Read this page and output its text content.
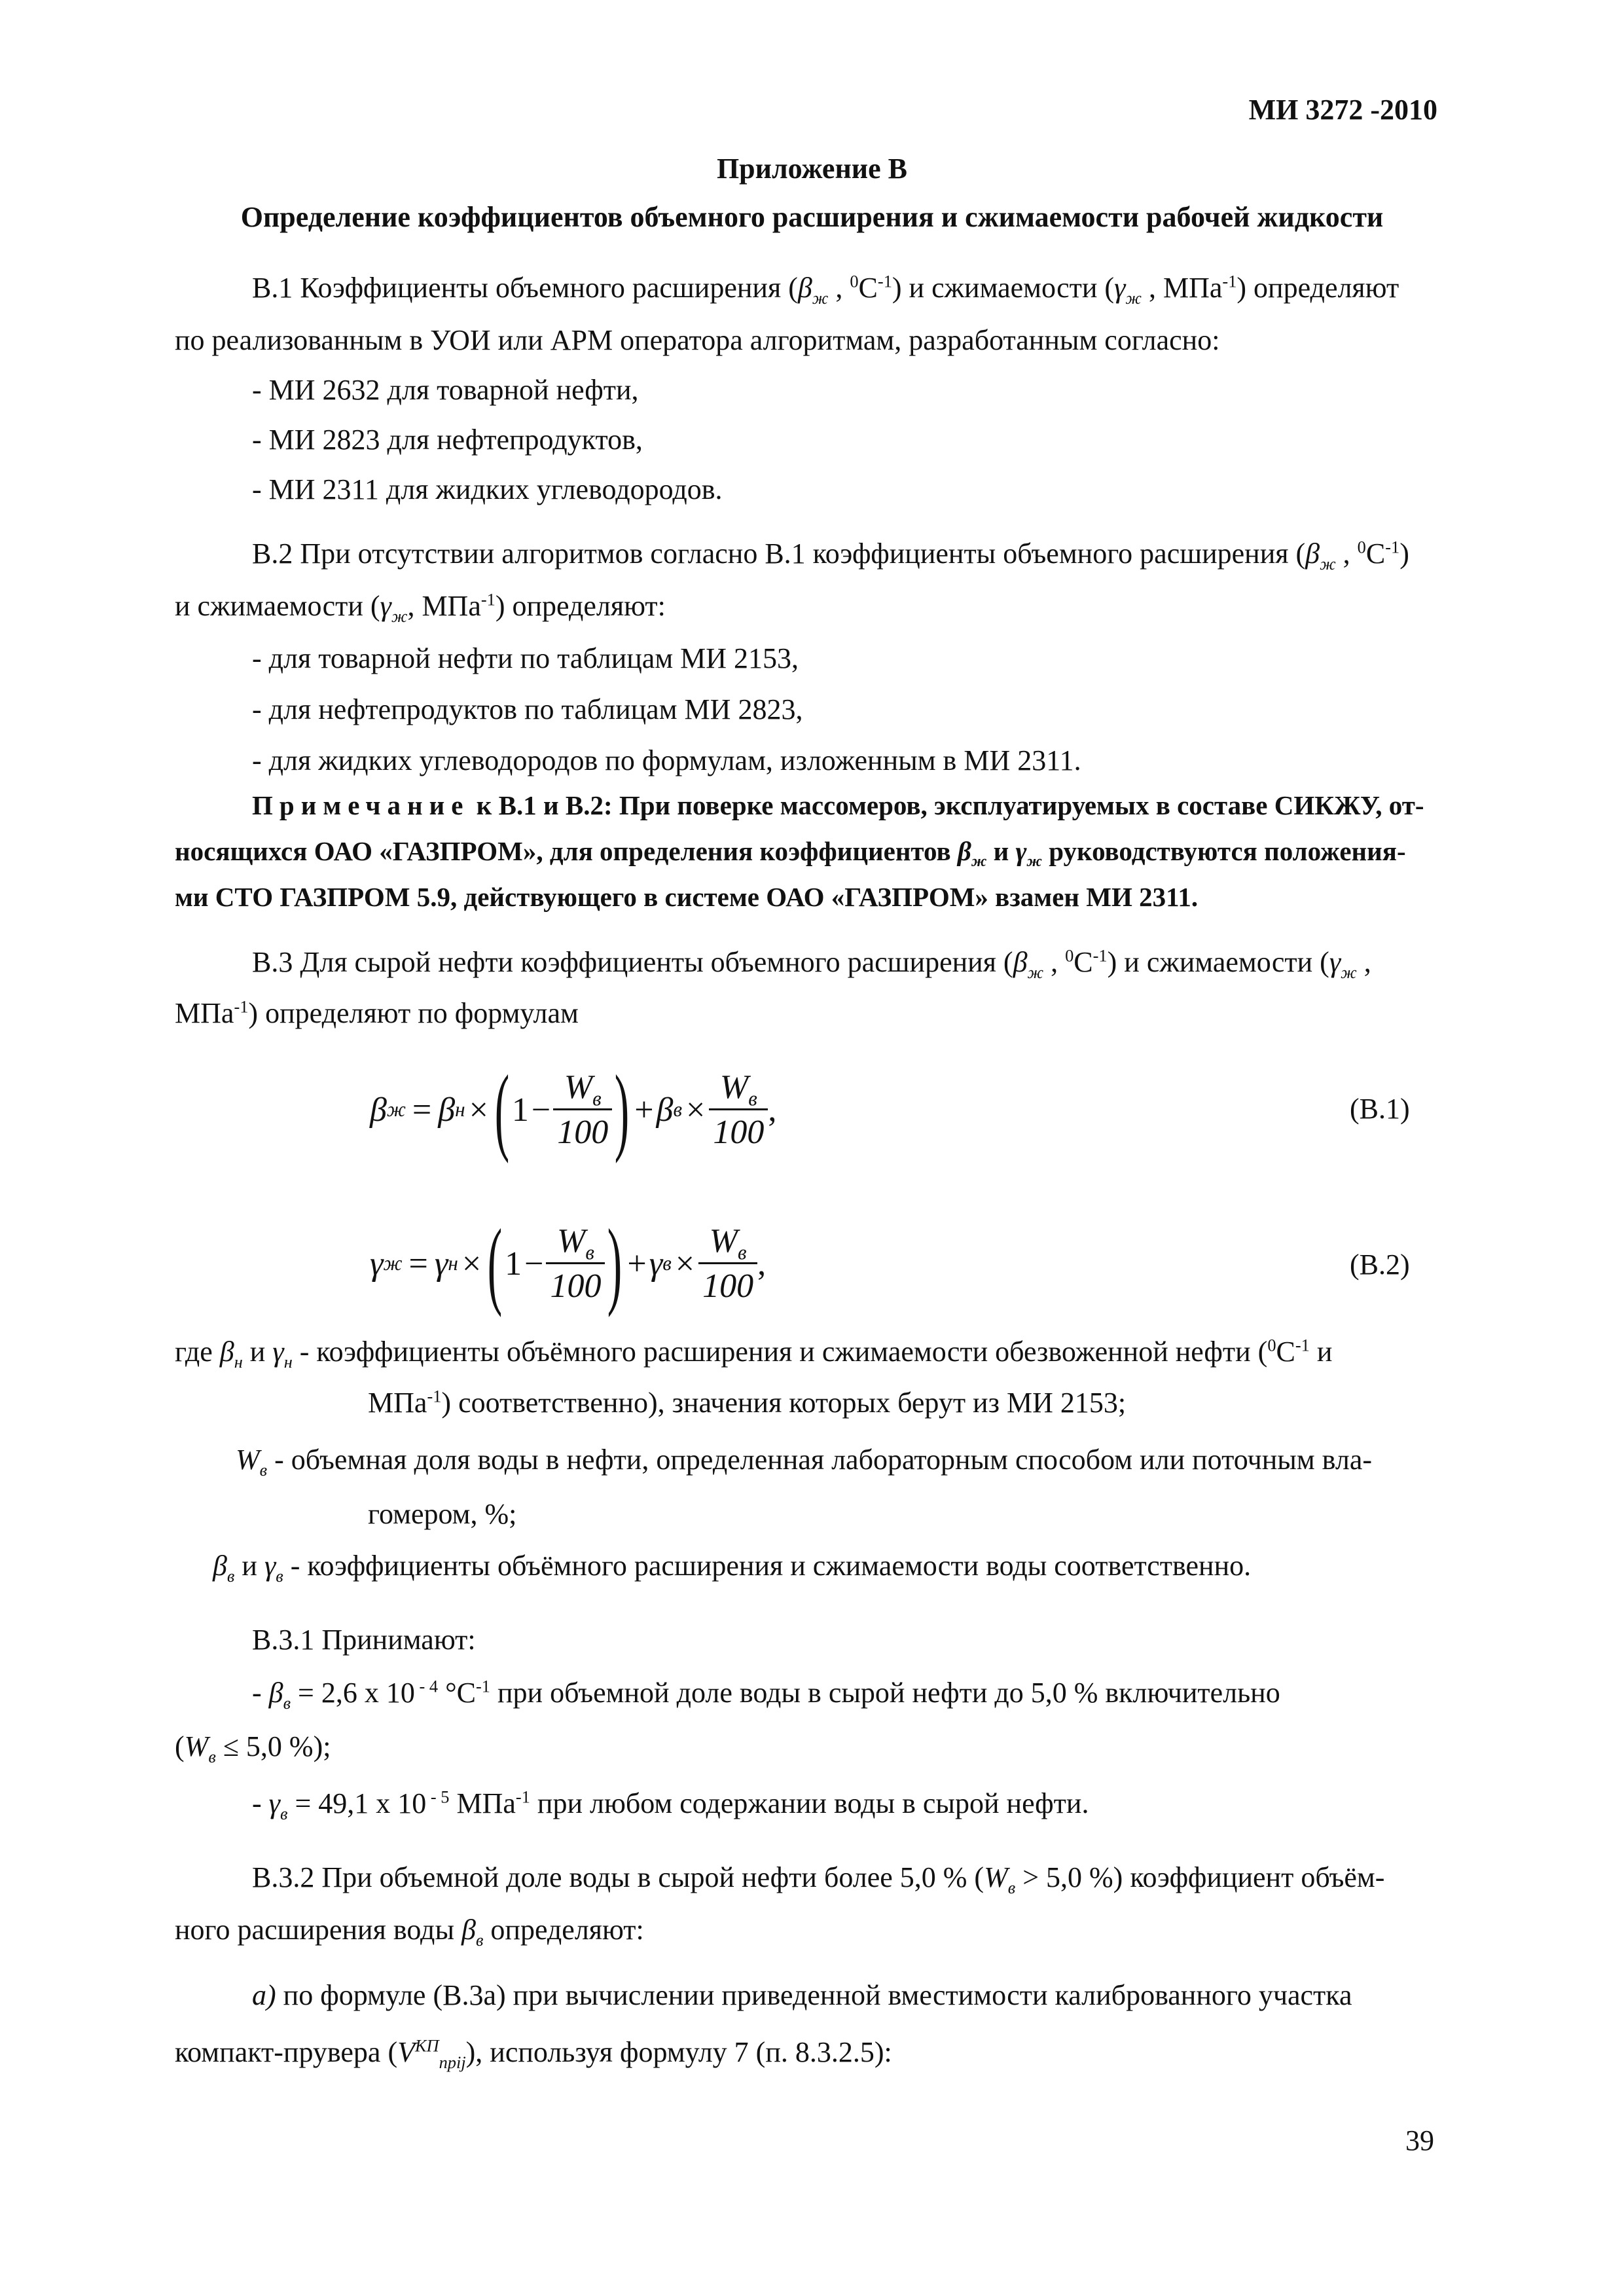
МИ 3272 -2010
Приложение В
Определение коэффициентов объемного расширения и сжимаемости рабочей жидкости
В.1 Коэффициенты объемного расширения ($\beta_ж$ , $^0С^{-1}$) и сжимаемости ($\gamma_ж$ , МПа$^{-1}$) определяют
по реализованным в УОИ или АРМ оператора алгоритмам, разработанным согласно:
- МИ 2632 для товарной нефти,
- МИ 2823 для нефтепродуктов,
- МИ 2311 для жидких углеводородов.
В.2 При отсутствии алгоритмов согласно В.1 коэффициенты объемного расширения ($\beta_ж$ , $^0С^{-1}$)
и сжимаемости ($\gamma_ж$, МПа$^{-1}$) определяют:
- для товарной нефти по таблицам МИ 2153,
- для нефтепродуктов по таблицам МИ 2823,
- для жидких углеводородов по формулам, изложенным в МИ 2311.
Примечание к В.1 и В.2: При поверке массомеров, эксплуатируемых в составе СИКЖУ, от-
носящихся ОАО «ГАЗПРОМ», для определения коэффициентов $\beta_ж$ и $\gamma_ж$ руководствуются положения-
ми СТО ГАЗПРОМ 5.9, действующего в системе ОАО «ГАЗПРОМ» взамен МИ 2311.
В.3 Для сырой нефти коэффициенты объемного расширения ($\beta_ж$ , $^0С^{-1}$) и сжимаемости ($\gamma_ж$ ,
МПа$^{-1}$) определяют по формулам
β ж = β н × ( $1 - \frac{W_в}{100}$ ) + β $в \times \frac{W_в}{100}$ ,	(В.1)
γ ж = γ н × ( $1 - \frac{W_в}{100}$ ) + γ $в \times \frac{W_в}{100}$ ,	(В.2)
где $\beta_н$ и $\gamma_н$ - коэффициенты объёмного расширения и сжимаемости обезвоженной нефти ($^0С^{-1}$ и
МПа$^{-1}$) соответственно), значения которых берут из МИ 2153;
$W_в$ - объемная доля воды в нефти, определенная лабораторным способом или поточным вла-
гомером, %;
$\beta_в$ и $\gamma_в$ - коэффициенты объёмного расширения и сжимаемости воды соответственно.
В.3.1 Принимают:
- $\beta_в = 2,6$ х 10 $^{- 4}$ $^\circ С^{-1}$ при объемной доле воды в сырой нефти до 5,0 % включительно
($W_в \le 5,0$ %);
- $\gamma_в = 49,1$ х 10 $^{- 5}$ МПа$^{-1}$ при любом содержании воды в сырой нефти.
В.3.2 При объемной доле воды в сырой нефти более 5,0 % ($W_в > 5,0$ %) коэффициент объём-
ного расширения воды $\beta_в$ определяют:
а) по формуле (В.3а) при вычислении приведенной вместимости калиброванного участка
компакт-прувера $(V^{КП}_{прij})$, используя формулу 7 (п. 8.3.2.5):
39
